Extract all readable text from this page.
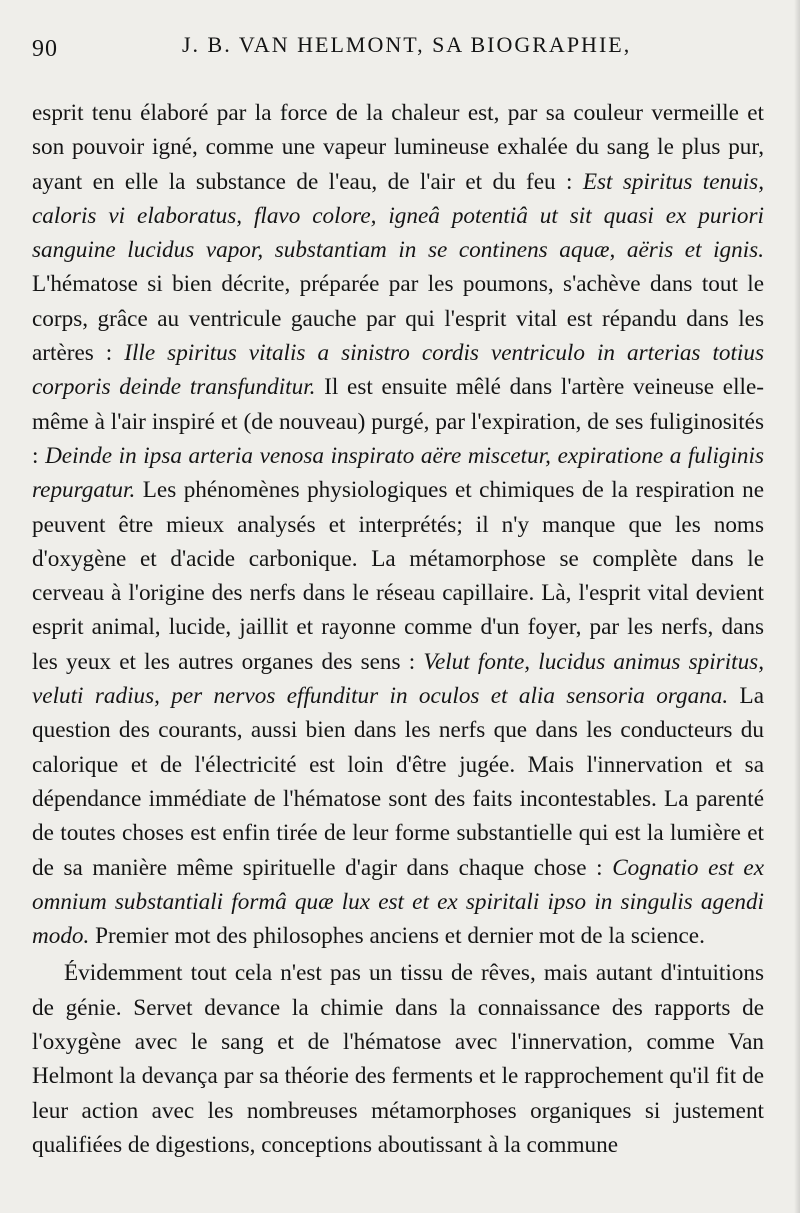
90	J. B. VAN HELMONT, SA BIOGRAPHIE,

esprit tenu élaboré par la force de la chaleur est, par sa couleur vermeille et son pouvoir igné, comme une vapeur lumineuse exhalée du sang le plus pur, ayant en elle la substance de l'eau, de l'air et du feu : Est spiritus tenuis, caloris vi elaboratus, flavo colore, igneâ potentiâ ut sit quasi ex puriori sanguine lucidus vapor, substantiam in se continens aquæ, aëris et ignis. L'hématose si bien décrite, préparée par les poumons, s'achève dans tout le corps, grâce au ventricule gauche par qui l'esprit vital est répandu dans les artères : Ille spiritus vitalis a sinistro cordis ventriculo in arterias totius corporis deinde transfunditur. Il est ensuite mêlé dans l'artère veineuse elle-même à l'air inspiré et (de nouveau) purgé, par l'expiration, de ses fuliginosités : Deinde in ipsa arteria venosa inspirato aëre miscetur, expiratione a fuliginis repurgatur. Les phénomènes physiologiques et chimiques de la respiration ne peuvent être mieux analysés et interprétés; il n'y manque que les noms d'oxygène et d'acide carbonique. La métamorphose se complète dans le cerveau à l'origine des nerfs dans le réseau capillaire. Là, l'esprit vital devient esprit animal, lucide, jaillit et rayonne comme d'un foyer, par les nerfs, dans les yeux et les autres organes des sens : Velut fonte, lucidus animus spiritus, veluti radius, per nervos effunditur in oculos et alia sensoria organa. La question des courants, aussi bien dans les nerfs que dans les conducteurs du calorique et de l'électricité est loin d'être jugée. Mais l'innervation et sa dépendance immédiate de l'hématose sont des faits incontestables. La parenté de toutes choses est enfin tirée de leur forme substantielle qui est la lumière et de sa manière même spirituelle d'agir dans chaque chose : Cognatio est ex omnium substantiali formâ quæ lux est et ex spiritali ipso in singulis agendi modo. Premier mot des philosophes anciens et dernier mot de la science.

Évidemment tout cela n'est pas un tissu de rêves, mais autant d'intuitions de génie. Servet devance la chimie dans la connaissance des rapports de l'oxygène avec le sang et de l'hématose avec l'innervation, comme Van Helmont la devança par sa théorie des ferments et le rapprochement qu'il fit de leur action avec les nombreuses métamorphoses organiques si justement qualifiées de digestions, conceptions aboutissant à la commune
